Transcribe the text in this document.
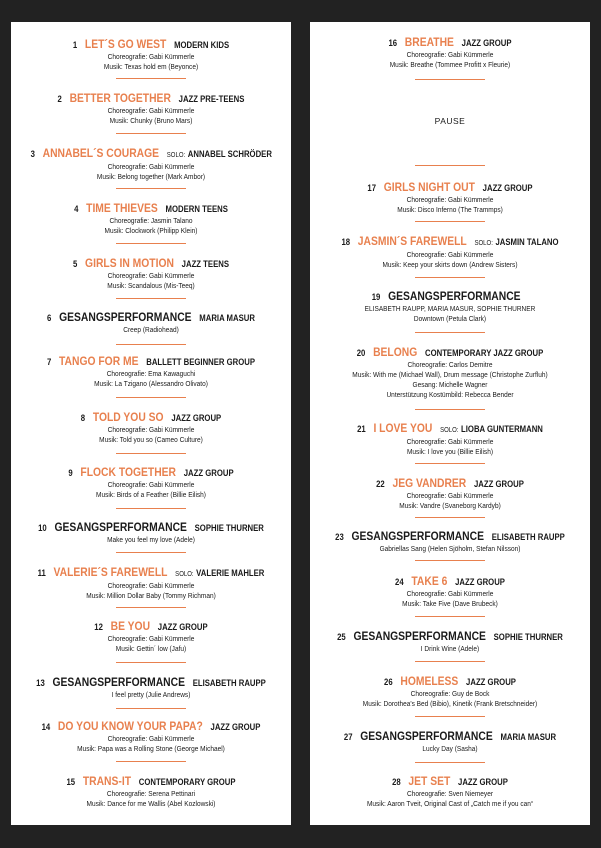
1 LET´S GO WEST MODERN KIDS
Choreografie: Gabi Kümmerle
Musik: Texas hold em (Beyonce)
2 BETTER TOGETHER JAZZ PRE-TEENS
Choreografie: Gabi Kümmerle
Musik: Chunky (Bruno Mars)
3 ANNABEL´S COURAGE SOLO: ANNABEL SCHRÖDER
Choreografie: Gabi Kümmerle
Musik: Belong together (Mark Ambor)
4 TIME THIEVES MODERN TEENS
Choreografie: Jasmin Talano
Musik: Clockwork (Philipp Klein)
5 GIRLS IN MOTION JAZZ TEENS
Choreografie: Gabi Kümmerle
Musik: Scandalous (Mis-Teeq)
6 GESANGSPERFORMANCE MARIA MASUR
Creep (Radiohead)
7 TANGO FOR ME BALLETT BEGINNER GROUP
Choreografie: Ema Kawaguchi
Musik: La Tzigano (Alessandro Olivato)
8 TOLD YOU SO JAZZ GROUP
Choreografie: Gabi Kümmerle
Musik: Told you so (Cameo Culture)
9 FLOCK TOGETHER JAZZ GROUP
Choreografie: Gabi Kümmerle
Musik: Birds of a Feather (Billie Eilish)
10 GESANGSPERFORMANCE SOPHIE THURNER
Make you feel my love (Adele)
11 VALERIE´S FAREWELL SOLO: VALERIE MAHLER
Choreografie: Gabi Kümmerle
Musik: Million Dollar Baby (Tommy Richman)
12 BE YOU JAZZ GROUP
Choreografie: Gabi Kümmerle
Musik: Gettin´ low (Jafu)
13 GESANGSPERFORMANCE ELISABETH RAUPP
I feel pretty (Julie Andrews)
14 DO YOU KNOW YOUR PAPA? JAZZ GROUP
Choreografie: Gabi Kümmerle
Musik: Papa was a Rolling Stone (George Michael)
15 TRANS-IT CONTEMPORARY GROUP
Choreografie: Serena Pettinari
Musik: Dance for me Wallis (Abel Kozlowski)
16 BREATHE JAZZ GROUP
Choreografie: Gabi Kümmerle
Musik: Breathe (Tommee Profitt x Fleurie)
17 GIRLS NIGHT OUT JAZZ GROUP
Choreografie: Gabi Kümmerle
Musik: Disco Inferno (The Trammps)
18 JASMIN´S FAREWELL SOLO: JASMIN TALANO
Choreografie: Gabi Kümmerle
Musik: Keep your skirts down (Andrew Sisters)
19 GESANGSPERFORMANCE
ELISABETH RAUPP, MARIA MASUR, SOPHIE THURNER
Downtown (Petula Clark)
20 BELONG CONTEMPORARY JAZZ GROUP
Choreografie: Carlos Demitre
Musik: With me (Michael Wall), Drum message (Christophe Zurfluh)
Gesang: Michelle Wagner
Unterstützung Kostümbild: Rebecca Bender
21 I LOVE YOU SOLO: LIOBA GUNTERMANN
Choreografie: Gabi Kümmerle
Musik: I love you (Billie Eilish)
22 JEG VANDRER JAZZ GROUP
Choreografie: Gabi Kümmerle
Musik: Vandre (Svaneborg Kardyb)
23 GESANGSPERFORMANCE ELISABETH RAUPP
Gabriellas Sang (Helen Sjöholm, Stefan Nilsson)
24 TAKE 6 JAZZ GROUP
Choreografie: Gabi Kümmerle
Musik: Take Five (Dave Brubeck)
25 GESANGSPERFORMANCE SOPHIE THURNER
I Drink Wine (Adele)
26 HOMELESS JAZZ GROUP
Choreografie: Guy de Bock
Musik: Dorothea's Bed (Bibio), Kinetik (Frank Bretschneider)
27 GESANGSPERFORMANCE MARIA MASUR
Lucky Day (Sasha)
28 JET SET JAZZ GROUP
Choreografie: Sven Niemeyer
Musik: Aaron Tveit, Original Cast of „Catch me if you can“
PAUSE
